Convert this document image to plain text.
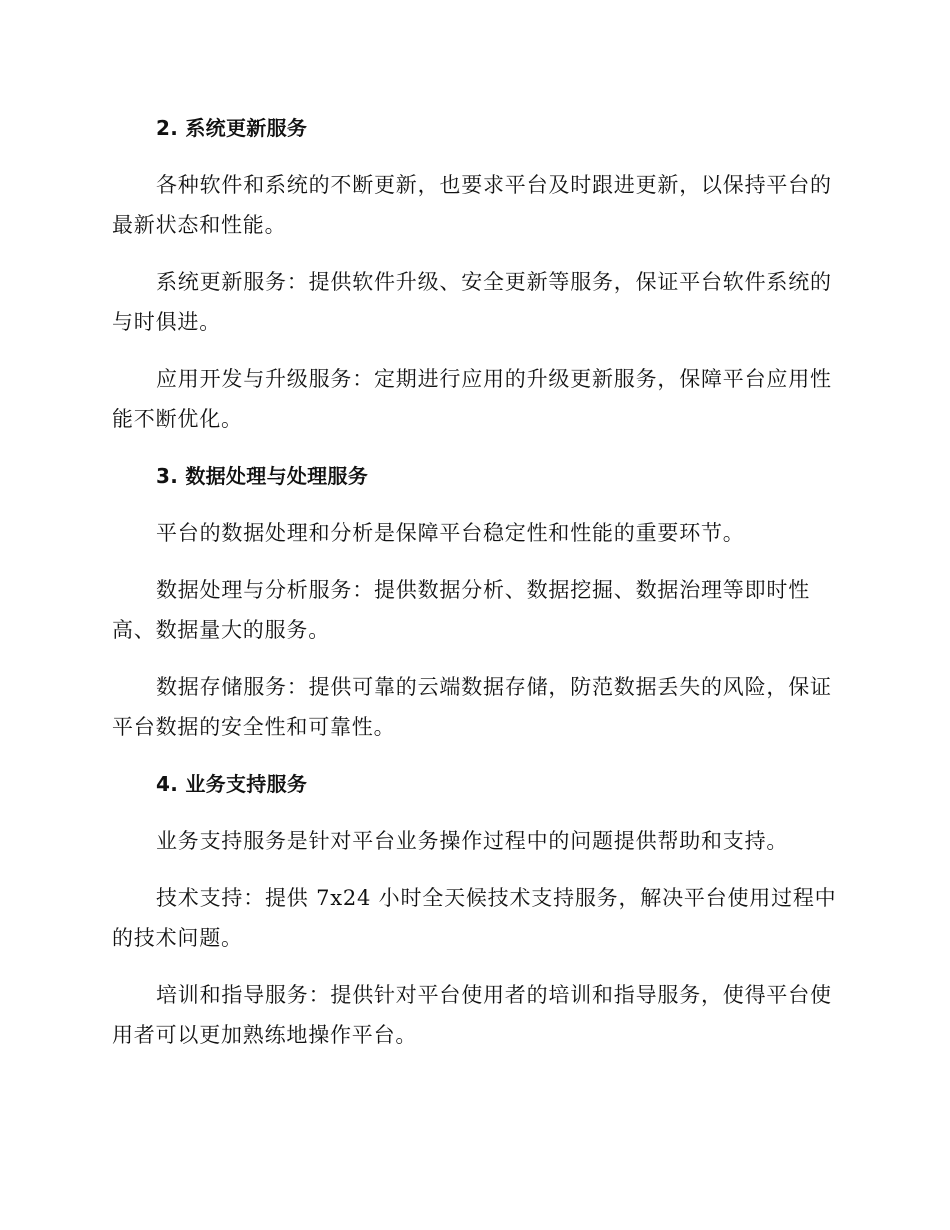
2. 系统更新服务

各种软件和系统的不断更新，也要求平台及时跟进更新，以保持平台的最新状态和性能。

系统更新服务：提供软件升级、安全更新等服务，保证平台软件系统的与时俱进。

应用开发与升级服务：定期进行应用的升级更新服务，保障平台应用性能不断优化。

3. 数据处理与处理服务

平台的数据处理和分析是保障平台稳定性和性能的重要环节。

数据处理与分析服务：提供数据分析、数据挖掘、数据治理等即时性高、数据量大的服务。

数据存储服务：提供可靠的云端数据存储，防范数据丢失的风险，保证平台数据的安全性和可靠性。

4. 业务支持服务

业务支持服务是针对平台业务操作过程中的问题提供帮助和支持。

技术支持：提供 7x24 小时全天候技术支持服务，解决平台使用过程中的技术问题。

培训和指导服务：提供针对平台使用者的培训和指导服务，使得平台使用者可以更加熟练地操作平台。
